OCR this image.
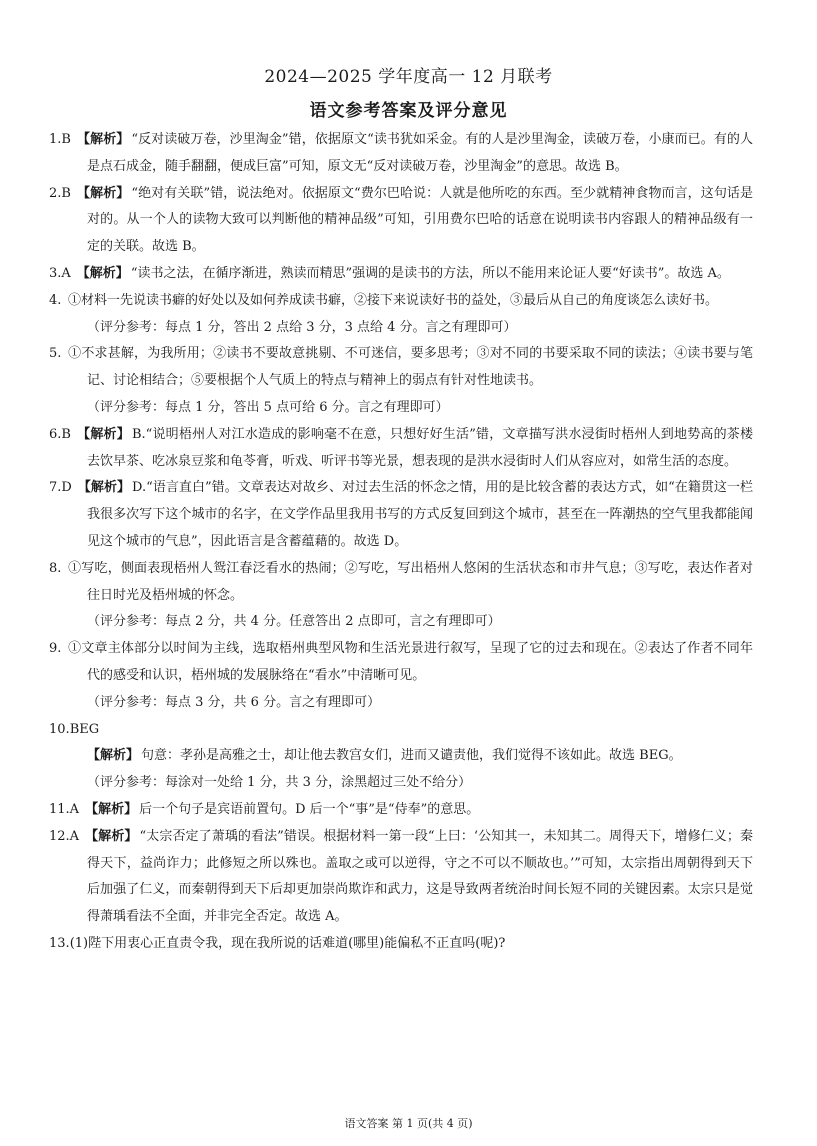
2024—2025 学年度高一 12 月联考
语文参考答案及评分意见

1.B 【解析】 “反对读破万卷，沙里淘金”错，依据原文“读书犹如采金。有的人是沙里淘金，读破万卷，小康而已。有的人是点石成金，随手翻翻，便成巨富”可知，原文无“反对读破万卷，沙里淘金”的意思。故选 B。

2.B 【解析】 “绝对有关联”错，说法绝对。依据原文“费尔巴哈说：人就是他所吃的东西。至少就精神食物而言，这句话是对的。从一个人的读物大致可以判断他的精神品级”可知，引用费尔巴哈的话意在说明读书内容跟人的精神品级有一定的关联。故选 B。

3.A 【解析】 “读书之法，在循序渐进，熟读而精思”强调的是读书的方法，所以不能用来论证人要“好读书”。故选 A。

4. ①材料一先说读书癖的好处以及如何养成读书癖，②接下来说读好书的益处，③最后从自己的角度谈怎么读好书。

（评分参考：每点 1 分，答出 2 点给 3 分，3 点给 4 分。言之有理即可）

5. ①不求甚解，为我所用；②读书不要故意挑剔、不可迷信，要多思考；③对不同的书要采取不同的读法；④读书要与笔记、讨论相结合；⑤要根据个人气质上的特点与精神上的弱点有针对性地读书。

（评分参考：每点 1 分，答出 5 点可给 6 分。言之有理即可）

6.B 【解析】 B.“说明梧州人对江水造成的影响毫不在意，只想好好生活”错，文章描写洪水浸街时梧州人到地势高的茶楼去饮早茶、吃冰泉豆浆和龟苓膏，听戏、听评书等光景，想表现的是洪水浸街时人们从容应对，如常生活的态度。

7.D 【解析】 D.“语言直白”错。文章表达对故乡、对过去生活的怀念之情，用的是比较含蓄的表达方式，如“在籍贯这一栏我很多次写下这个城市的名字，在文学作品里我用书写的方式反复回到这个城市，甚至在一阵潮热的空气里我都能闻见这个城市的气息”，因此语言是含蓄蕴藉的。故选 D。

8. ①写吃，侧面表现梧州人鸳江春泛看水的热闹；②写吃，写出梧州人悠闲的生活状态和市井气息；③写吃，表达作者对往日时光及梧州城的怀念。

（评分参考：每点 2 分，共 4 分。任意答出 2 点即可，言之有理即可）

9. ①文章主体部分以时间为主线，选取梧州典型风物和生活光景进行叙写，呈现了它的过去和现在。②表达了作者不同年代的感受和认识，梧州城的发展脉络在“看水”中清晰可见。

（评分参考：每点 3 分，共 6 分。言之有理即可）

10.BEG

【解析】 句意：孝孙是高雅之士，却让他去教宫女们，进而又谴责他，我们觉得不该如此。故选 BEG。

（评分参考：每涂对一处给 1 分，共 3 分，涂黑超过三处不给分）

11.A 【解析】 后一个句子是宾语前置句。D 后一个“事”是“侍奉”的意思。

12.A 【解析】 “太宗否定了萧瑀的看法”错误。根据材料一第一段“上曰：‘公知其一，未知其二。周得天下，增修仁义；秦得天下，益尚诈力；此修短之所以殊也。盖取之或可以逆得，守之不可以不顺故也。’”可知，太宗指出周朝得到天下后加强了仁义，而秦朝得到天下后却更加崇尚欺诈和武力，这是导致两者统治时间长短不同的关键因素。太宗只是觉得萧瑀看法不全面，并非完全否定。故选 A。

13.(1)陛下用衷心正直责令我，现在我所说的话难道(哪里)能偏私不正直吗(呢)?

语文答案 第 1 页(共 4 页)
